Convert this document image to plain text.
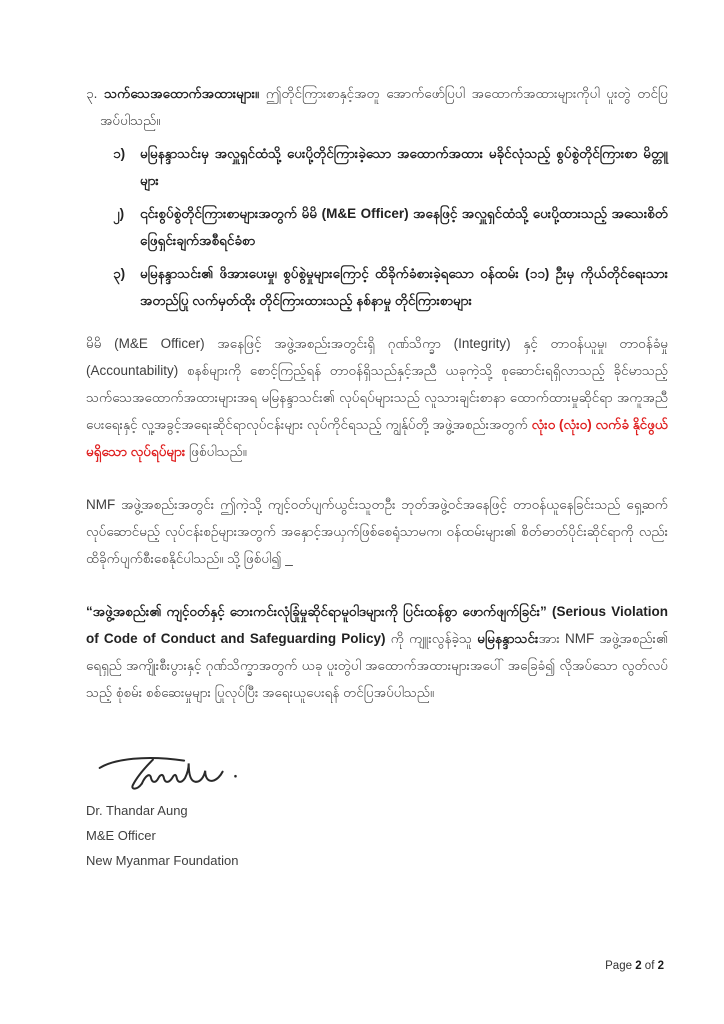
၃. သက်သေအထောက်အထားများ။ ဤတိုင်ကြားစာနှင့်အတူ အောက်ဖော်ပြပါ အထောက်အထားများကိုပါ ပူးတွဲ တင်ပြ အပ်ပါသည်။

၁)	မမြနန္ဒာသင်းမှ အလှူရှင်ထံသို့ ပေးပို့တိုင်ကြားခဲ့သော အထောက်အထား မခိုင်လုံသည့် စွပ်စွဲတိုင်ကြားစာ မိတ္တူများ
၂)	၎င်းစွပ်စွဲတိုင်ကြားစာများအတွက် မိမိ (M&E Officer) အနေဖြင့် အလှူရှင်ထံသို့ ပေးပို့ထားသည့် အသေးစိတ် ဖြေရှင်းချက်အစီရင်ခံစာ
၃)	မမြနန္ဒာသင်း၏ ဖိအားပေးမှု၊ စွပ်စွဲမှုများကြောင့် ထိခိုက်ခံစားခဲ့ရသော ဝန်ထမ်း (၁၁) ဦးမှ ကိုယ်တိုင်ရေးသား အတည်ပြု လက်မှတ်ထိုး တိုင်ကြားထားသည့် နစ်နာမှု တိုင်ကြားစာများ

မိမိ (M&E Officer) အနေဖြင့် အဖွဲ့အစည်းအတွင်းရှိ ဂုဏ်သိက္ခာ (Integrity) နှင့် တာဝန်ယူမှု၊ တာဝန်ခံမှု (Accountability) စနစ်များကို စောင့်ကြည့်ရန် တာဝန်ရှိသည်နှင့်အညီ ယခုကဲ့သို့ စုဆောင်းရရှိလာသည့် ခိုင်မာသည့် သက်သေအထောက်အထားများအရ မမြနန္ဒာသင်း၏ လုပ်ရပ်များသည် လူသားချင်းစာနာ ထောက်ထားမှုဆိုင်ရာ အကူအညီပေးရေးနှင့် လူ့အခွင့်အရေးဆိုင်ရာလုပ်ငန်းများ လုပ်ကိုင်ရသည့် ကျွန်ုပ်တို့ အဖွဲ့အစည်းအတွက် လုံးဝ (လုံးဝ) လက်ခံ နိုင်ဖွယ်မရှိသော လုပ်ရပ်များ ဖြစ်ပါသည်။

NMF အဖွဲ့အစည်းအတွင်း ဤကဲ့သို့ ကျင့်ဝတ်ပျက်ယွင်းသူတဦး ဘုတ်အဖွဲ့ဝင်အနေဖြင့် တာဝန်ယူနေခြင်းသည် ရှေ့ဆက် လုပ်ဆောင်မည့် လုပ်ငန်းစဉ်များအတွက် အနှောင့်အယှက်ဖြစ်စေရုံသာမက၊ ဝန်ထမ်းများ၏ စိတ်ဓာတ်ပိုင်းဆိုင်ရာကို လည်း ထိခိုက်ပျက်စီးစေနိုင်ပါသည်။ သို့ဖြစ်ပါ၍ _

“အဖွဲ့အစည်း၏ ကျင့်ဝတ်နှင့် ဘေးကင်းလုံခြုံမှုဆိုင်ရာမူဝါဒများကို ပြင်းထန်စွာ ဖောက်ဖျက်ခြင်း” (Serious Violation of Code of Conduct and Safeguarding Policy) ကို ကျူးလွန်ခဲ့သူ မမြနန္ဒာသင်းအား NMF အဖွဲ့အစည်း၏ ရေရှည် အကျိုးစီးပွားနှင့် ဂုဏ်သိက္ခာအတွက် ယခု ပူးတွဲပါ အထောက်အထားများအပေါ် အခြေခံ၍ လိုအပ်သော လွတ်လပ်သည့် စုံစမ်း စစ်ဆေးမှုများ ပြုလုပ်ပြီး အရေးယူပေးရန် တင်ပြအပ်ပါသည်။

Dr. Thandar Aung

M&E Officer

New Myanmar Foundation

Page 2 of 2
